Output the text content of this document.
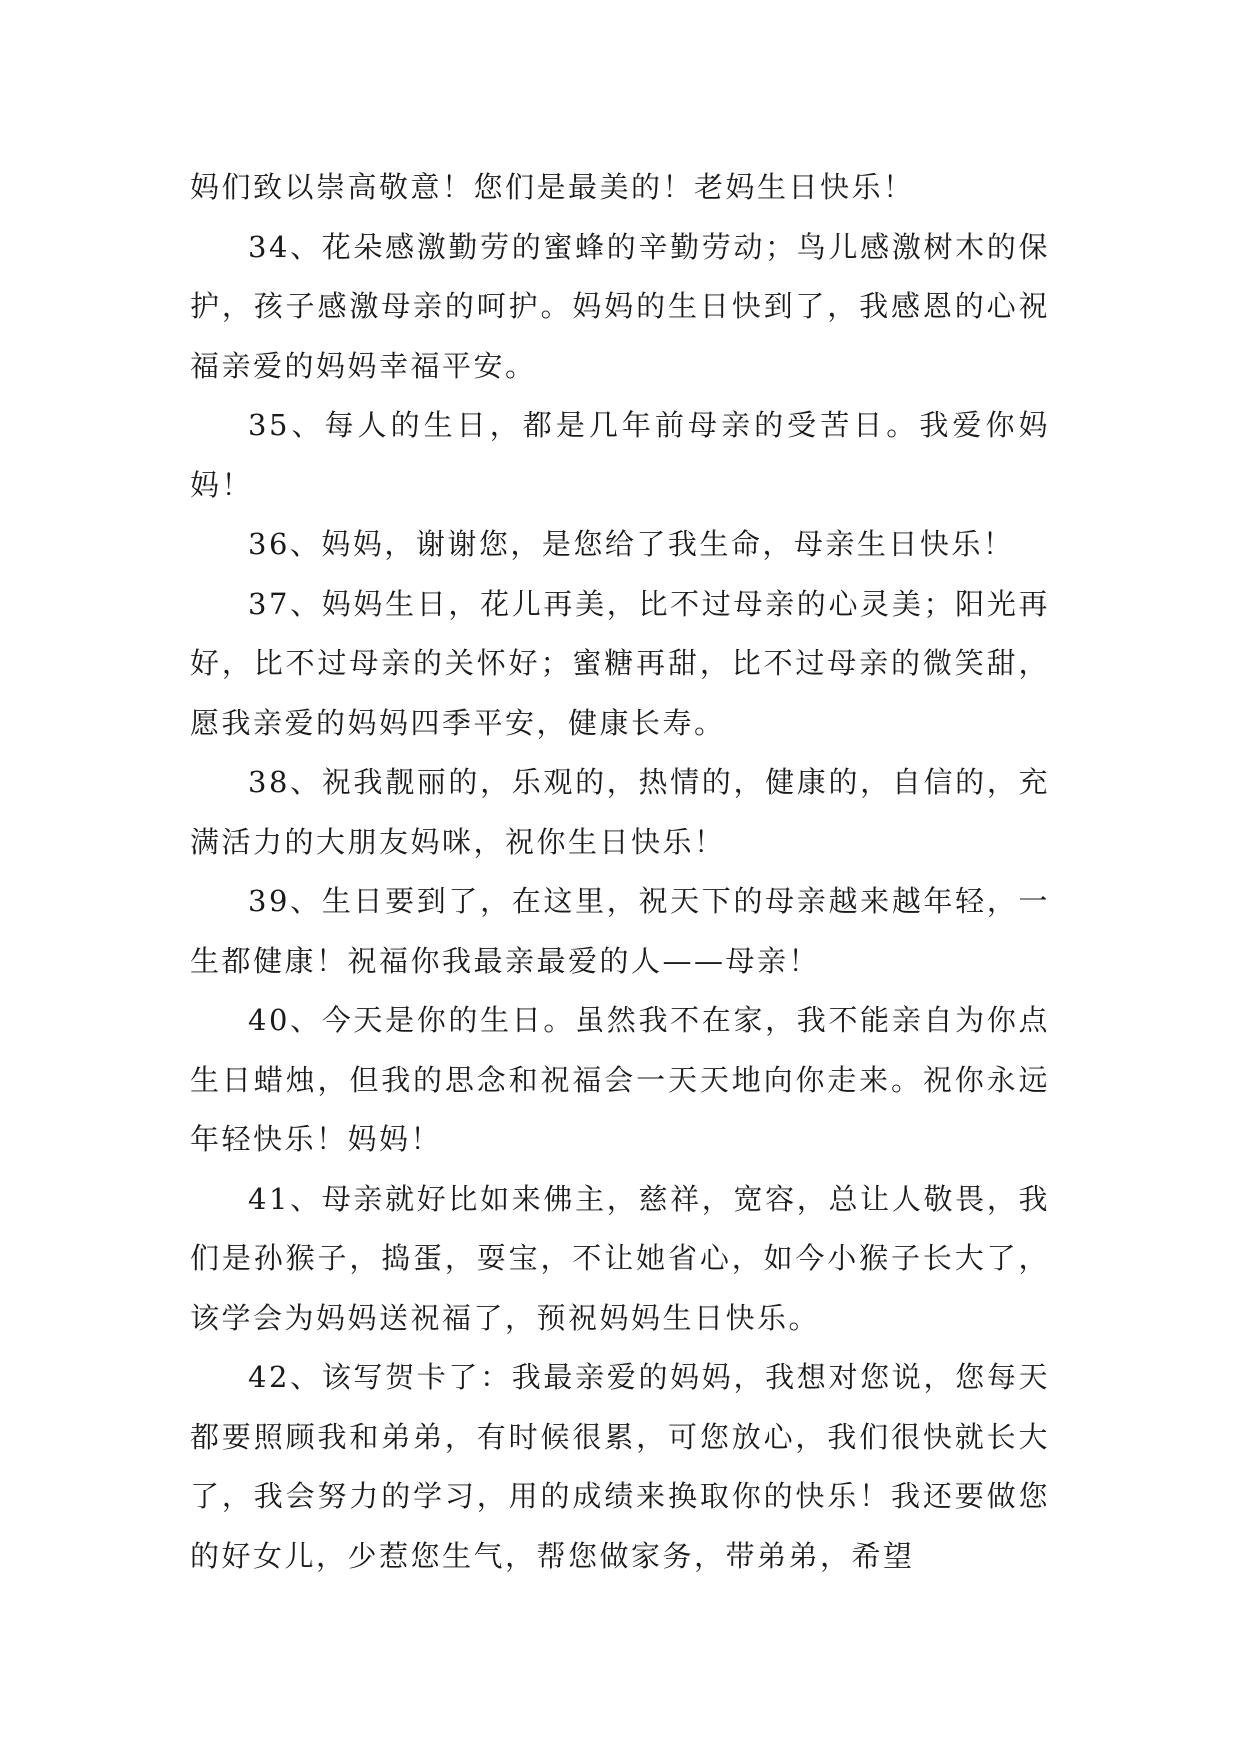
妈们致以崇高敬意！您们是最美的！老妈生日快乐！

34、花朵感激勤劳的蜜蜂的辛勤劳动；鸟儿感激树木的保护，孩子感激母亲的呵护。妈妈的生日快到了，我感恩的心祝福亲爱的妈妈幸福平安。

35、每人的生日，都是几年前母亲的受苦日。我爱你妈妈！

36、妈妈，谢谢您，是您给了我生命，母亲生日快乐！

37、妈妈生日，花儿再美，比不过母亲的心灵美；阳光再好，比不过母亲的关怀好；蜜糖再甜，比不过母亲的微笑甜，愿我亲爱的妈妈四季平安，健康长寿。

38、祝我靓丽的，乐观的，热情的，健康的，自信的，充满活力的大朋友妈咪，祝你生日快乐！

39、生日要到了，在这里，祝天下的母亲越来越年轻，一生都健康！祝福你我最亲最爱的人——母亲！

40、今天是你的生日。虽然我不在家，我不能亲自为你点生日蜡烛，但我的思念和祝福会一天天地向你走来。祝你永远年轻快乐！妈妈！

41、母亲就好比如来佛主，慈祥，宽容，总让人敬畏，我们是孙猴子，捣蛋，耍宝，不让她省心，如今小猴子长大了，该学会为妈妈送祝福了，预祝妈妈生日快乐。

42、该写贺卡了：我最亲爱的妈妈，我想对您说，您每天都要照顾我和弟弟，有时候很累，可您放心，我们很快就长大了，我会努力的学习，用的成绩来换取你的快乐！我还要做您的好女儿，少惹您生气，帮您做家务，带弟弟，希望
